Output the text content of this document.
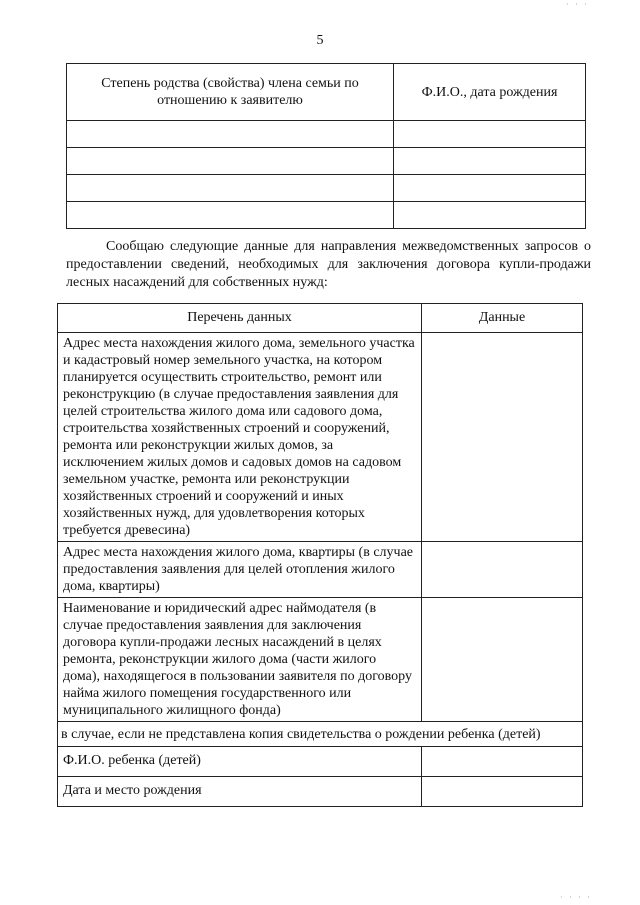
5
Степень родства (свойства) члена семьи по отношению к заявителю	Ф.И.О., дата рождения

Сообщаю следующие данные для направления межведомственных запросов о предоставлении сведений, необходимых для заключения договора купли-продажи лесных насаждений для собственных нужд:

Перечень данных	Данные
Адрес места нахождения жилого дома, земельного участка и кадастровый номер земельного участка, на котором планируется осуществить строительство, ремонт или реконструкцию (в случае предоставления заявления для целей строительства жилого дома или садового дома, строительства хозяйственных строений и сооружений, ремонта или реконструкции жилых домов, за исключением жилых домов и садовых домов на садовом земельном участке, ремонта или реконструкции хозяйственных строений и сооружений и иных хозяйственных нужд, для удовлетворения которых требуется древесина)	
Адрес места нахождения жилого дома, квартиры (в случае предоставления заявления для целей отопления жилого дома, квартиры)	
Наименование и юридический адрес наймодателя (в случае предоставления заявления для заключения договора купли-продажи лесных насаждений в целях ремонта, реконструкции жилого дома (части жилого дома), находящегося в пользовании заявителя по договору найма жилого помещения государственного или муниципального жилищного фонда)	
в случае, если не представлена копия свидетельства о рождении ребенка (детей)	
Ф.И.О. ребенка (детей)	
Дата и место рождения	
· · ·
· · · ·
